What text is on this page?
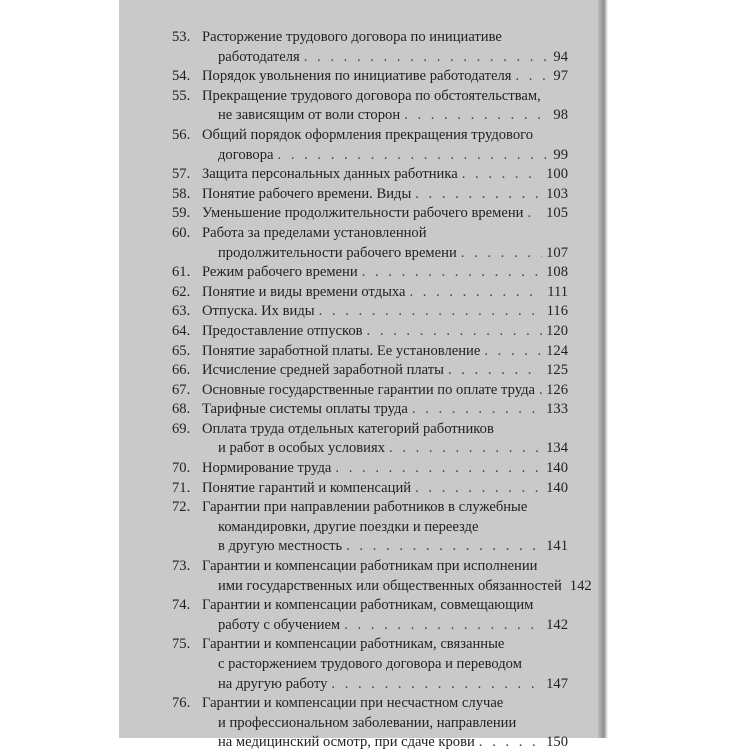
53. Расторжение трудового договора по инициативе
работодателя . . .	94
54. Порядок увольнения по инициативе работодателя . . .	97
55. Прекращение трудового договора по обстоятельствам,
не зависящим от воли сторон . . .	98
56. Общий порядок оформления прекращения трудового
договора . . .	99
57. Защита персональных данных работника . . .	100
58. Понятие рабочего времени. Виды . . .	103
59. Уменьшение продолжительности рабочего времени . . . 105
60. Работа за пределами установленной
продолжительности рабочего времени . . .	107
61. Режим рабочего времени . . .	108
62. Понятие и виды времени отдыха . . .	111
63. Отпуска. Их виды . . .	116
64. Предоставление отпусков . . .	120
65. Понятие заработной платы. Ее установление . . .	124
66. Исчисление средней заработной платы . . .	125
67. Основные государственные гарантии по оплате труда . . . 126
68. Тарифные системы оплаты труда . . .	133
69. Оплата труда отдельных категорий работников
и работ в особых условиях . . .	134
70. Нормирование труда . . .	140
71. Понятие гарантий и компенсаций . . .	140
72. Гарантии при направлении работников в служебные
командировки, другие поездки и переезде
в другую местность . . .	141
73. Гарантии и компенсации работникам при исполнении
ими государственных или общественных обязанностей 142
74. Гарантии и компенсации работникам, совмещающим
работу с обучением . . .	142
75. Гарантии и компенсации работникам, связанные
с расторжением трудового договора и переводом
на другую работу . . .	147
76. Гарантии и компенсации при несчастном случае
и профессиональном заболевании, направлении
на медицинский осмотр, при сдаче крови . . .	150
